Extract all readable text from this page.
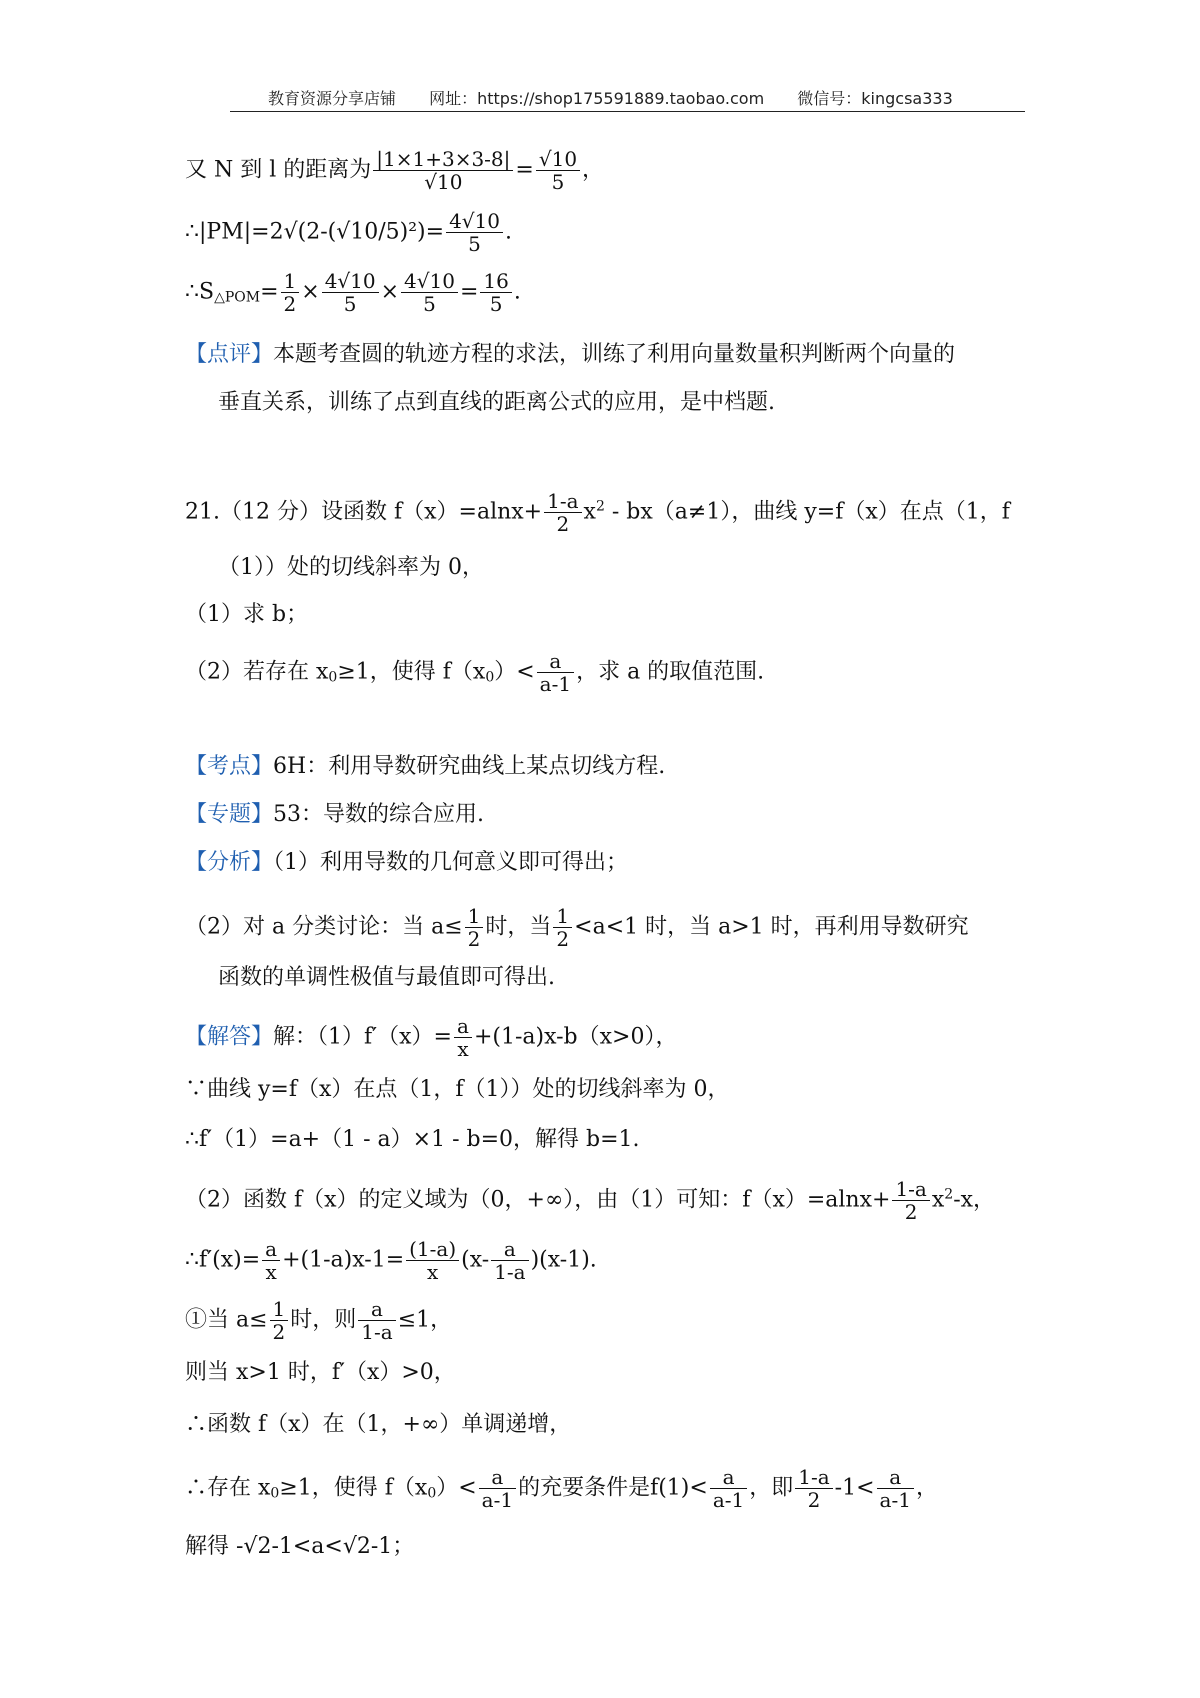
教育资源分享店铺 网址：https://shop175591889.taobao.com 微信号：kingcsa333
又 N 到 l 的距离为 $\frac{|1\times 1+3\times 3-8|}{√10} = \frac{√10}{5}$ ，
∴|PM|=2√(2-(√10/5)²)= $\frac{4√10}{5}$ .
$\therefore S_{\triangle POM}= \frac{1}{2} \times \frac{4√10}{5} \times \frac{4√10}{5} = \frac{16}{5}$ .
【点评】本题考查圆的轨迹方程的求法，训练了利用向量数量积判断两个向量的
垂直关系，训练了点到直线的距离公式的应用，是中档题.
21.（12 分）设函数 $f(x)=alnx+ \frac{1-a}{2} x^2 - bx(a\ne 1)$，曲线 y=f（x）在点（1，f
（1））处的切线斜率为 0，
（1）求 b；
（2）若存在 $x_0\ge 1$，使得 $f(x_0)< \frac{a}{a-1}$ ，求 a 的取值范围.
【考点】6H：利用导数研究曲线上某点切线方程.
【专题】53：导数的综合应用.
【分析】（1）利用导数的几何意义即可得出；
（2）对 a 分类讨论：当 $a\le \frac{1}{2}$ 时，当 $\frac{1}{2} <a<1$ 时，当 a>1 时，再利用导数研究
函数的单调性极值与最值即可得出.
【解答】解：$(1)f'(x)= \frac{a}{x} +(1-a)x-b(x>0)$，
∵曲线 y=f（x）在点（1，f（1））处的切线斜率为 0，
∴f′（1）=a+（1 - a）×1 - b=0，解得 b=1.
（2）函数 f（x）的定义域为（0，+∞），由（1）可知：$f(x)=alnx+ \frac{1-a}{2} x^2-x$，
∴f′(x)= $\frac{a}{x} +(1-a)x-1= \frac{(1-a)}{x} (x- \frac{a}{1-a} )(x-1)$.
①当 $a\le \frac{1}{2}$ 时，则 $\frac{a}{1-a} \le 1$，
则当 x>1 时，f′（x）>0，
∴函数 f（x）在（1，+∞）单调递增，
∴存在 $x_0\ge 1$，使得 $f(x_0)< \frac{a}{a-1}$ 的充要条件是$f(1)< \frac{a}{a-1}$ ，即 $\frac{1-a}{2} -1< \frac{a}{a-1}$ ，
解得 -√2-1<a<√2-1；
